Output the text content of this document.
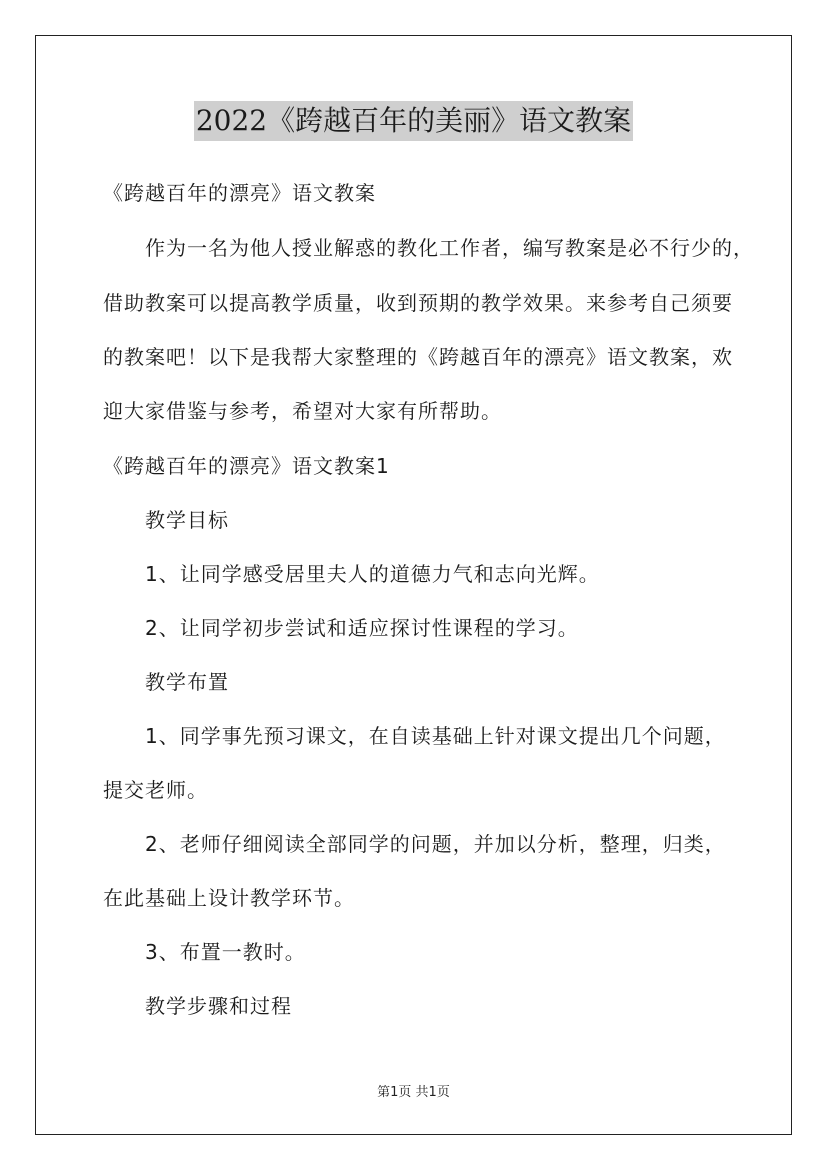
2022《跨越百年的美丽》语文教案
《跨越百年的漂亮》语文教案
作为一名为他人授业解惑的教化工作者，编写教案是必不行少的，
借助教案可以提高教学质量，收到预期的教学效果。来参考自己须要
的教案吧！以下是我帮大家整理的《跨越百年的漂亮》语文教案，欢
迎大家借鉴与参考，希望对大家有所帮助。
《跨越百年的漂亮》语文教案1
教学目标
1、让同学感受居里夫人的道德力气和志向光辉。
2、让同学初步尝试和适应探讨性课程的学习。
教学布置
1、同学事先预习课文，在自读基础上针对课文提出几个问题，
提交老师。
2、老师仔细阅读全部同学的问题，并加以分析，整理，归类，
在此基础上设计教学环节。
3、布置一教时。
教学步骤和过程
第1页 共1页
